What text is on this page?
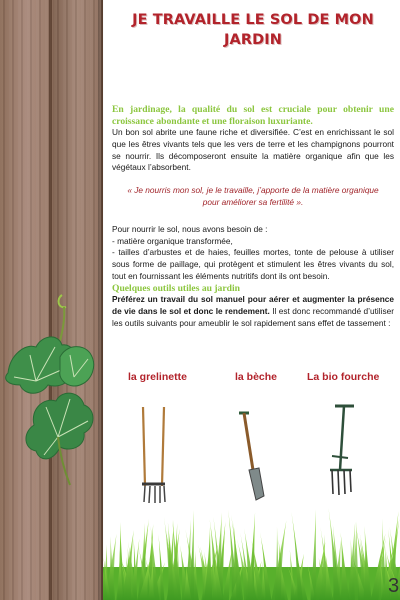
JE TRAVAILLE LE SOL DE MON JARDIN
En jardinage, la qualité du sol est cruciale pour obtenir une croissance abondante et une floraison luxuriante.
Un bon sol abrite une faune riche et diversifiée. C’est en enrichissant le sol que les êtres vivants tels que les vers de terre et les champignons pourront se nourrir. Ils décomposeront ensuite la matière organique afin que les végétaux l’absorbent.
« Je nourris mon sol, je le travaille, j’apporte de la matière organique pour améliorer sa fertilité ».
Pour nourrir le sol, nous avons besoin de :
- matière organique transformée,
- tailles d’arbustes et de haies, feuilles mortes, tonte de pelouse à utiliser sous forme de paillage, qui protègent et stimulent les êtres vivants du sol, tout en fournissant les éléments nutritifs dont ils ont besoin.
Quelques outils utiles au jardin
Préférez un travail du sol manuel pour aérer et augmenter la présence de vie dans le sol et donc le rendement. Il est donc recommandé d’utiliser les outils suivants pour ameublir le sol rapidement sans effet de tassement :
la grelinette	la bèche	La bio fourche
3
